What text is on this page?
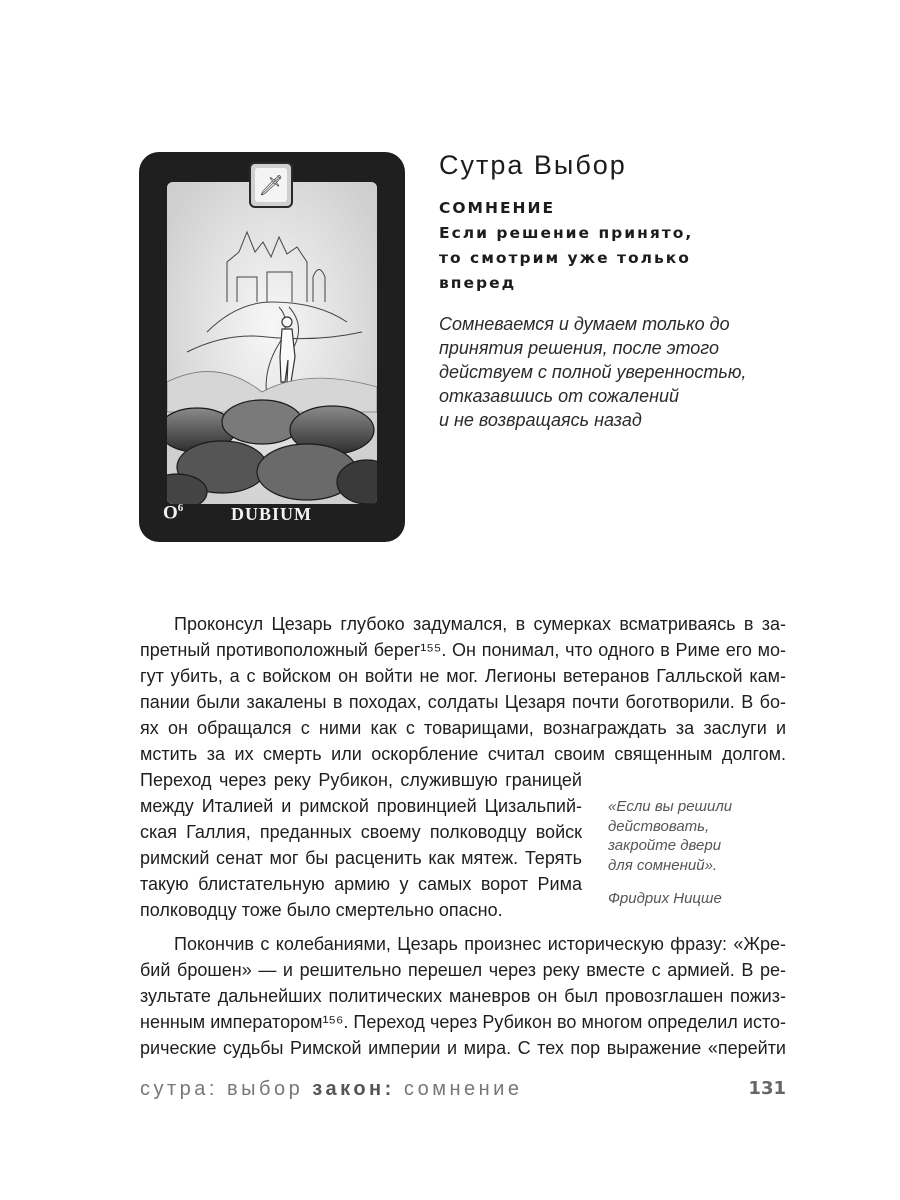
🗡
$O^6$	DUBIUM
Сутра Выбор
СОМНЕНИЕ
Если решение принято,
то смотрим уже только
вперед
Сомневаемся и думаем только до
принятия решения, после этого
действуем с полной уверенностью,
отказавшись от сожалений
и не возвращаясь назад
Проконсул Цезарь глубоко задумался, в сумерках всматриваясь в за-
претный противоположный берег¹⁵⁵. Он понимал, что одного в Риме его мо-
гут убить, а с войском он войти не мог. Легионы ветеранов Галльской кам-
пании были закалены в походах, солдаты Цезаря почти боготворили. В бо-
ях он обращался с ними как с товарищами, вознаграждать за заслуги и
мстить за их смерть или оскорбление считал своим священным долгом.
Переход через реку Рубикон, служившую границей
между Италией и римской провинцией Цизальпий-
ская Галлия, преданных своему полководцу войск
римский сенат мог бы расценить как мятеж. Терять
такую блистательную армию у самых ворот Рима
полководцу тоже было смертельно опасно.
«Если вы решили
действовать,
закройте двери
для сомнений».
Фридрих Ницше
Покончив с колебаниями, Цезарь произнес историческую фразу: «Жре-
бий брошен» — и решительно перешел через реку вместе с армией. В ре-
зультате дальнейших политических маневров он был провозглашен пожиз-
ненным императором¹⁵⁶. Переход через Рубикон во многом определил исто-
рические судьбы Римской империи и мира. С тех пор выражение «перейти
сутра: выбор закон: сомнение	131
